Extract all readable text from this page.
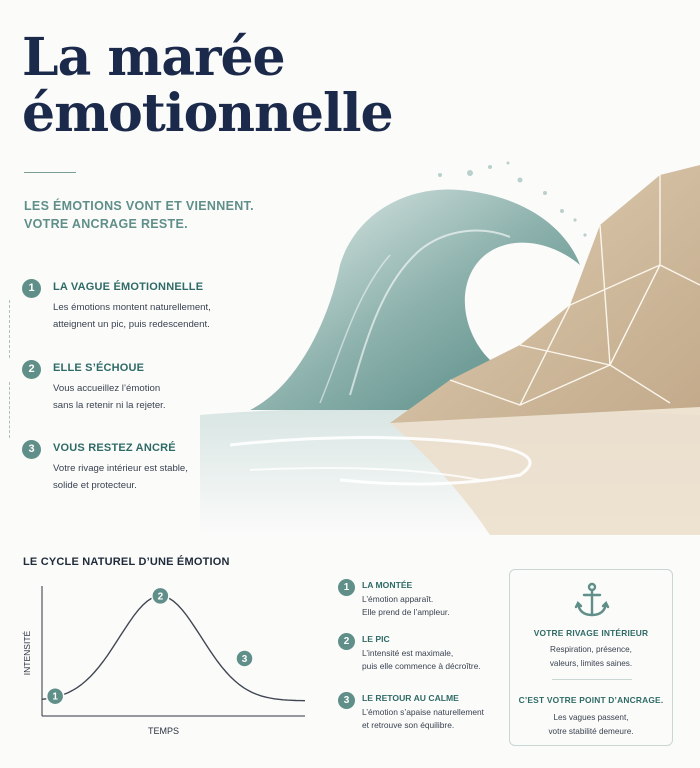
La marée
émotionnelle
LES ÉMOTIONS VONT ET VIENNENT.
VOTRE ANCRAGE RESTE.
1	LA VAGUE ÉMOTIONNELLE
Les émotions montent naturellement,
atteignent un pic, puis redescendent.
2	ELLE S’ÉCHOUE
Vous accueillez l’émotion
sans la retenir ni la rejeter.
3	VOUS RESTEZ ANCRÉ
Votre rivage intérieur est stable,
solide et protecteur.
LE CYCLE NATUREL D’UNE ÉMOTION
1
2
3
TEMPS
INTENSITÉ
1	LA MONTÉE
L’émotion apparaît.
Elle prend de l’ampleur.
2	LE PIC
L’intensité est maximale,
puis elle commence à décroître.
3	LE RETOUR AU CALME
L’émotion s’apaise naturellement
et retrouve son équilibre.
VOTRE RIVAGE INTÉRIEUR
Respiration, présence,
valeurs, limites saines.
C’EST VOTRE POINT D’ANCRAGE.
Les vagues passent,
votre stabilité demeure.
